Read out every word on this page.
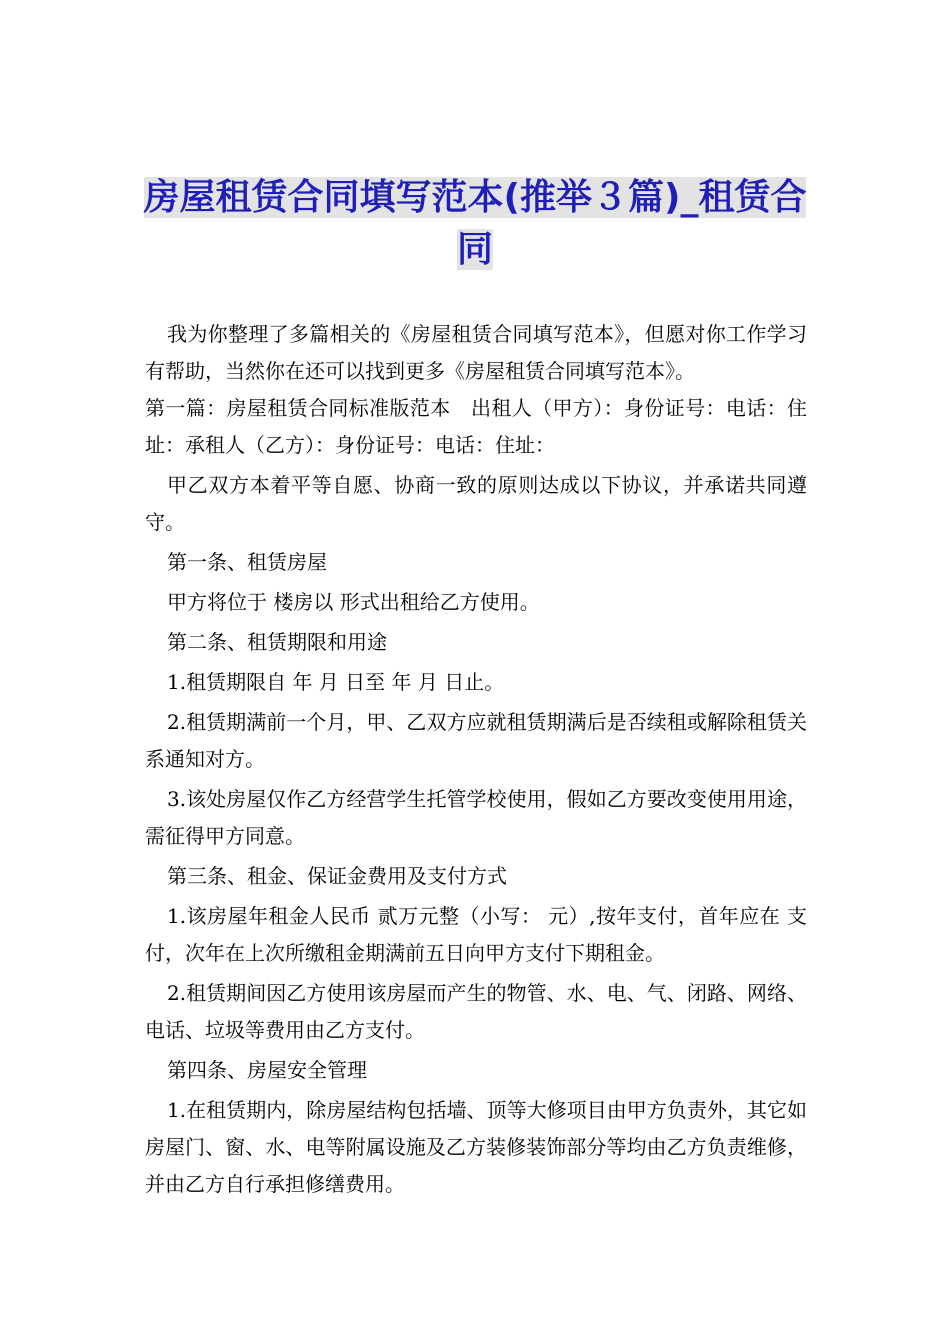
房屋租赁合同填写范本(推举３篇)_租赁合同

我为你整理了多篇相关的《房屋租赁合同填写范本》，但愿对你工作学习有帮助，当然你在还可以找到更多《房屋租赁合同填写范本》。

第一篇：房屋租赁合同标准版范本　出租人（甲方）：身份证号：电话：住址：承租人（乙方）：身份证号：电话：住址：

甲乙双方本着平等自愿、协商一致的原则达成以下协议，并承诺共同遵守。

第一条、租赁房屋

甲方将位于 楼房以 形式出租给乙方使用。

第二条、租赁期限和用途

1.租赁期限自 年 月 日至 年 月 日止。

2.租赁期满前一个月，甲、乙双方应就租赁期满后是否续租或解除租赁关系通知对方。

3.该处房屋仅作乙方经营学生托管学校使用，假如乙方要改变使用用途，需征得甲方同意。

第三条、租金、保证金费用及支付方式

1.该房屋年租金人民币 贰万元整（小写： 元）,按年支付，首年应在 支付，次年在上次所缴租金期满前五日向甲方支付下期租金。

2.租赁期间因乙方使用该房屋而产生的物管、水、电、气、闭路、网络、电话、垃圾等费用由乙方支付。

第四条、房屋安全管理

1.在租赁期内，除房屋结构包括墙、顶等大修项目由甲方负责外，其它如房屋门、窗、水、电等附属设施及乙方装修装饰部分等均由乙方负责维修，并由乙方自行承担修缮费用。
